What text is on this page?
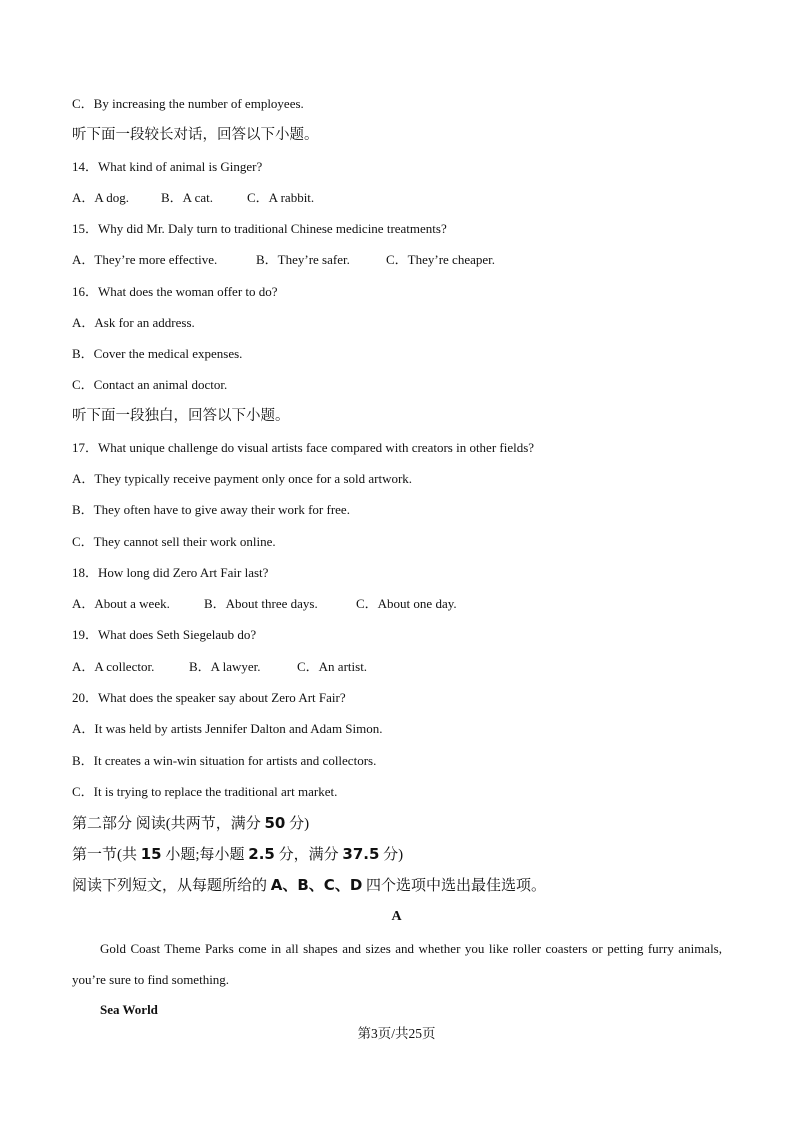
C．By increasing the number of employees.
听下面一段较长对话，回答以下小题。
14．What kind of animal is Ginger?
A．A dog. B．A cat.	C．A rabbit.
15．Why did Mr. Daly turn to traditional Chinese medicine treatments?
A．They’re more effective.	B．They’re safer.	C．They’re cheaper.
16．What does the woman offer to do?
A．Ask for an address.
B．Cover the medical expenses.
C．Contact an animal doctor.
听下面一段独白，回答以下小题。
17．What unique challenge do visual artists face compared with creators in other fields?
A．They typically receive payment only once for a sold artwork.
B．They often have to give away their work for free.
C．They cannot sell their work online.
18．How long did Zero Art Fair last?
A．About a week.	B．About three days.	C．About one day.
19．What does Seth Siegelaub do?
A．A collector.	B．A lawyer.	C．An artist.
20．What does the speaker say about Zero Art Fair?
A．It was held by artists Jennifer Dalton and Adam Simon.
B．It creates a win-win situation for artists and collectors.
C．It is trying to replace the traditional art market.
第二部分 阅读(共两节，满分 50 分)
第一节(共 15 小题;每小题 2.5 分，满分 37.5 分)
阅读下列短文，从每题所给的 A、B、C、D 四个选项中选出最佳选项。
A
Gold Coast Theme Parks come in all shapes and sizes and whether you like roller coasters or petting furry animals, you’re sure to find something.
Sea World
第3页/共25页
